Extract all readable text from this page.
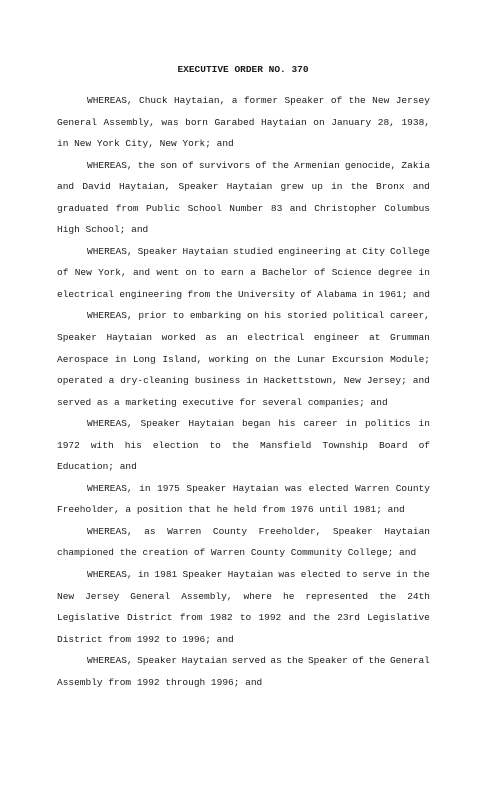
EXECUTIVE ORDER NO. 370
WHEREAS, Chuck Haytaian, a former Speaker of the New Jersey
General Assembly, was born Garabed Haytaian on January 28, 1938,
in New York City, New York; and
WHEREAS, the son of survivors of the Armenian genocide, Zakia
and David Haytaian, Speaker Haytaian grew up in the Bronx and
graduated from Public School Number 83 and Christopher Columbus
High School; and
WHEREAS, Speaker Haytaian studied engineering at City College
of New York, and went on to earn a Bachelor of Science degree in
electrical engineering from the University of Alabama in 1961; and
WHEREAS, prior to embarking on his storied political career,
Speaker Haytaian worked as an electrical engineer at Grumman
Aerospace in Long Island, working on the Lunar Excursion Module;
operated a dry-cleaning business in Hackettstown, New Jersey; and
served as a marketing executive for several companies; and
WHEREAS, Speaker Haytaian began his career in politics in
1972 with his election to the Mansfield Township Board of
Education; and
WHEREAS, in 1975 Speaker Haytaian was elected Warren County
Freeholder, a position that he held from 1976 until 1981; and
WHEREAS, as Warren County Freeholder, Speaker Haytaian
championed the creation of Warren County Community College; and
WHEREAS, in 1981 Speaker Haytaian was elected to serve in the
New Jersey General Assembly, where he represented the 24th
Legislative District from 1982 to 1992 and the 23rd Legislative
District from 1992 to 1996; and
WHEREAS, Speaker Haytaian served as the Speaker of the General
Assembly from 1992 through 1996; and
